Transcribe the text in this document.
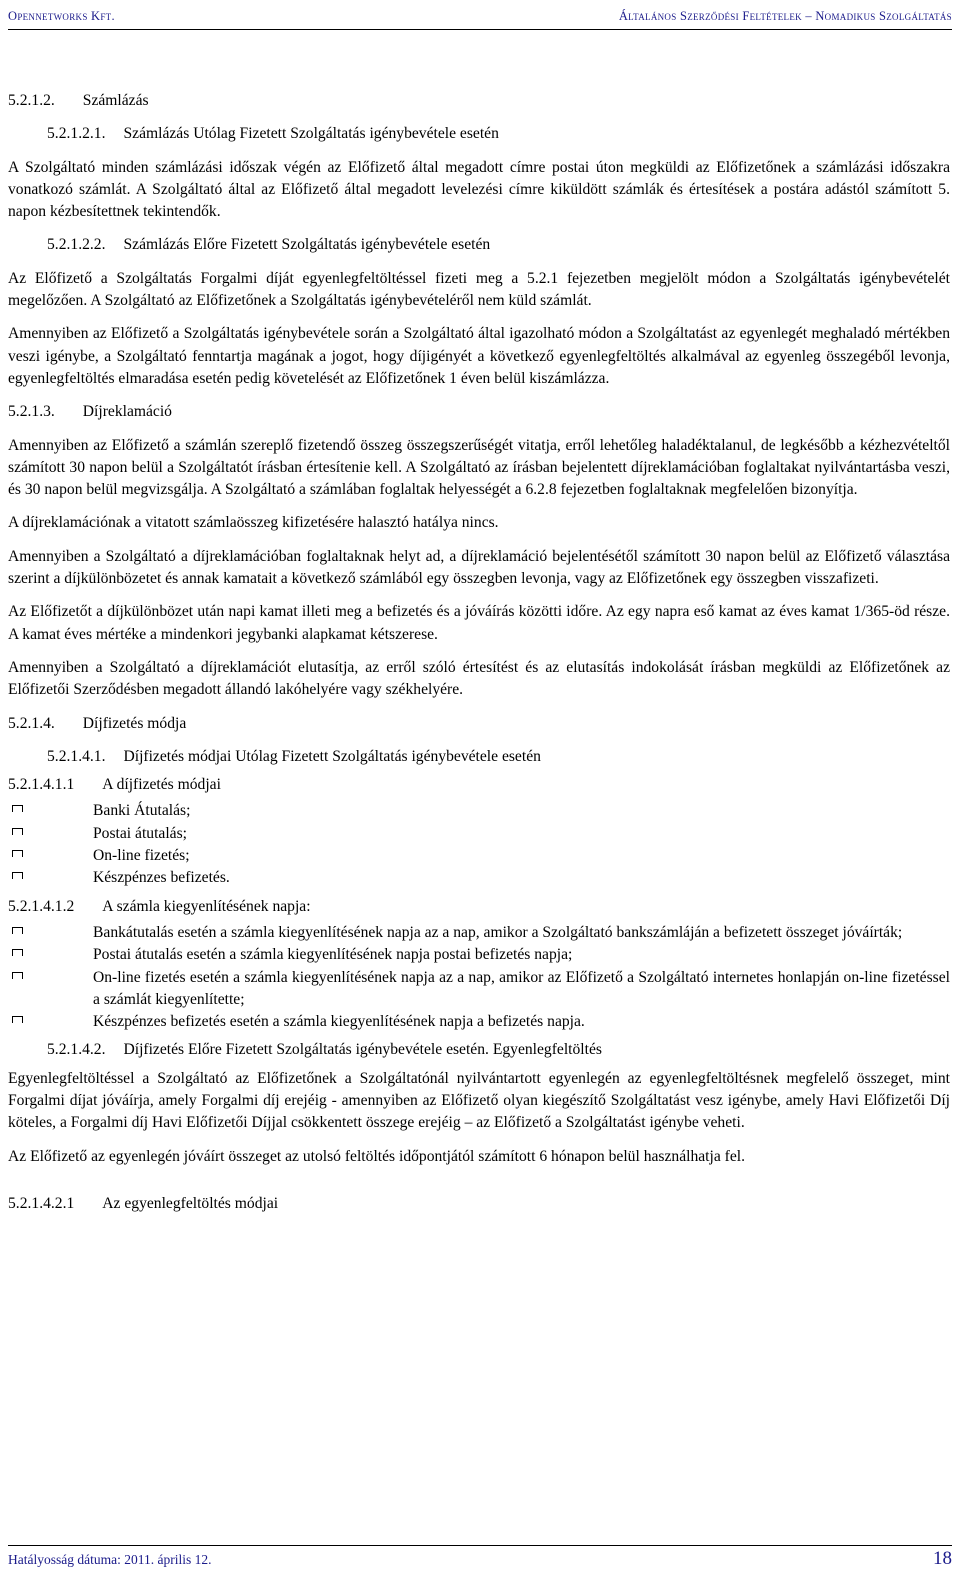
Opennetworks Kft.	Általános Szerződési Feltételek – Nomadikus Szolgáltatás
5.2.1.2. Számlázás
5.2.1.2.1. Számlázás Utólag Fizetett Szolgáltatás igénybevétele esetén

A Szolgáltató minden számlázási időszak végén az Előfizető által megadott címre postai úton megküldi az Előfizetőnek a számlázási időszakra vonatkozó számlát. A Szolgáltató által az Előfizető által megadott levelezési címre kiküldött számlák és értesítések a postára adástól számított 5. napon kézbesítettnek tekintendők.

5.2.1.2.2. Számlázás Előre Fizetett Szolgáltatás igénybevétele esetén

Az Előfizető a Szolgáltatás Forgalmi díját egyenlegfeltöltéssel fizeti meg a 5.2.1 fejezetben megjelölt módon a Szolgáltatás igénybevételét megelőzően. A Szolgáltató az Előfizetőnek a Szolgáltatás igénybevételéről nem küld számlát.

Amennyiben az Előfizető a Szolgáltatás igénybevétele során a Szolgáltató által igazolható módon a Szolgáltatást az egyenlegét meghaladó mértékben veszi igénybe, a Szolgáltató fenntartja magának a jogot, hogy díjigényét a következő egyenlegfeltöltés alkalmával az egyenleg összegéből levonja, egyenlegfeltöltés elmaradása esetén pedig követelését az Előfizetőnek 1 éven belül kiszámlázza.

5.2.1.3. Díjreklamáció

Amennyiben az Előfizető a számlán szereplő fizetendő összeg összegszerűségét vitatja, erről lehetőleg haladéktalanul, de legkésőbb a kézhezvételtől számított 30 napon belül a Szolgáltatót írásban értesítenie kell. A Szolgáltató az írásban bejelentett díjreklamációban foglaltakat nyilvántartásba veszi, és 30 napon belül megvizsgálja. A Szolgáltató a számlában foglaltak helyességét a 6.2.8 fejezetben foglaltaknak megfelelően bizonyítja.

A díjreklamációnak a vitatott számlaösszeg kifizetésére halasztó hatálya nincs.

Amennyiben a Szolgáltató a díjreklamációban foglaltaknak helyt ad, a díjreklamáció bejelentésétől számított 30 napon belül az Előfizető választása szerint a díjkülönbözetet és annak kamatait a következő számlából egy összegben levonja, vagy az Előfizetőnek egy összegben visszafizeti.

Az Előfizetőt a díjkülönbözet után napi kamat illeti meg a befizetés és a jóváírás közötti időre. Az egy napra eső kamat az éves kamat 1/365-öd része. A kamat éves mértéke a mindenkori jegybanki alapkamat kétszerese.

Amennyiben a Szolgáltató a díjreklamációt elutasítja, az erről szóló értesítést és az elutasítás indokolását írásban megküldi az Előfizetőnek az Előfizetői Szerződésben megadott állandó lakóhelyére vagy székhelyére.

5.2.1.4. Díjfizetés módja
5.2.1.4.1. Díjfizetés módjai Utólag Fizetett Szolgáltatás igénybevétele esetén
5.2.1.4.1.1 A díjfizetés módjai
Banki Átutalás;
Postai átutalás;
On-line fizetés;
Készpénzes befizetés.
5.2.1.4.1.2 A számla kiegyenlítésének napja:
Bankátutalás esetén a számla kiegyenlítésének napja az a nap, amikor a Szolgáltató bankszámláján a befizetett összeget jóváírták;
Postai átutalás esetén a számla kiegyenlítésének napja postai befizetés napja;
On-line fizetés esetén a számla kiegyenlítésének napja az a nap, amikor az Előfizető a Szolgáltató internetes honlapján on-line fizetéssel a számlát kiegyenlítette;
Készpénzes befizetés esetén a számla kiegyenlítésének napja a befizetés napja.
5.2.1.4.2. Díjfizetés Előre Fizetett Szolgáltatás igénybevétele esetén. Egyenlegfeltöltés

Egyenlegfeltöltéssel a Szolgáltató az Előfizetőnek a Szolgáltatónál nyilvántartott egyenlegén az egyenlegfeltöltésnek megfelelő összeget, mint Forgalmi díjat jóváírja, amely Forgalmi díj erejéig - amennyiben az Előfizető olyan kiegészítő Szolgáltatást vesz igénybe, amely Havi Előfizetői Díj köteles, a Forgalmi díj Havi Előfizetői Díjjal csökkentett összege erejéig – az Előfizető a Szolgáltatást igénybe veheti.

Az Előfizető az egyenlegén jóváírt összeget az utolsó feltöltés időpontjától számított 6 hónapon belül használhatja fel.

5.2.1.4.2.1 Az egyenlegfeltöltés módjai
Hatályosság dátuma: 2011. április 12.	18
